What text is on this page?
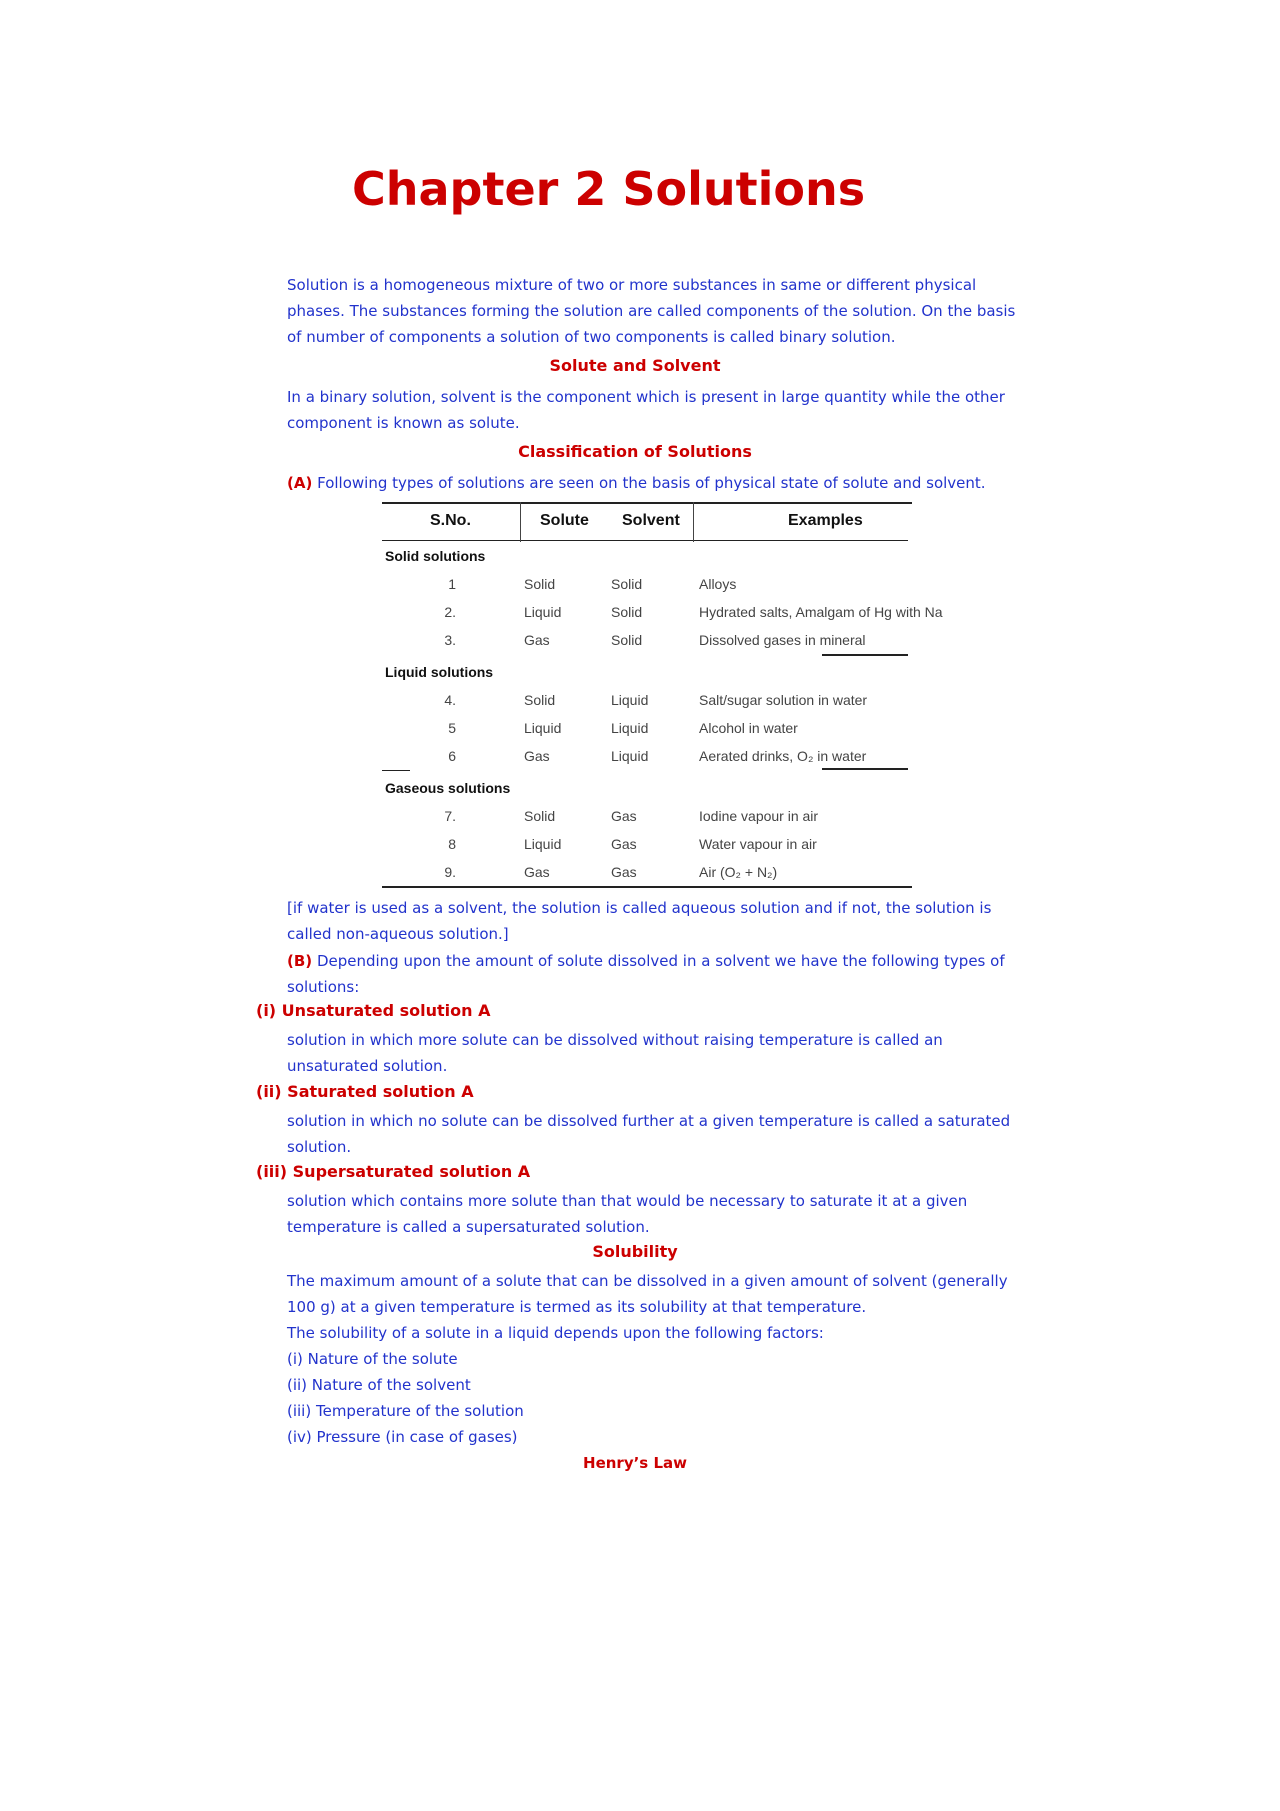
Chapter 2 Solutions

Solution is a homogeneous mixture of two or more substances in same or different physical phases. The substances forming the solution are called components of the solution. On the basis of number of components a solution of two components is called binary solution.

Solute and Solvent

In a binary solution, solvent is the component which is present in large quantity while the other component is known as solute.

Classification of Solutions

(A) Following types of solutions are seen on the basis of physical state of solute and solvent.

S.No.	Solute Solvent	Examples
Solid solutions
1	Solid	Solid	Alloys
2.	Liquid	Solid	Hydrated salts, Amalgam of Hg with Na
3.	Gas	Solid	Dissolved gases in mineral
Liquid solutions
4.	Solid	Liquid	Salt/sugar solution in water
5	Liquid	Liquid	Alcohol in water
6	Gas	Liquid	Aerated drinks, O₂ in water
Gaseous solutions
7.	Solid	Gas	Iodine vapour in air
8	Liquid	Gas	Water vapour in air
9.	Gas	Gas	Air (O₂ + N₂)

[if water is used as a solvent, the solution is called aqueous solution and if not, the solution is called non-aqueous solution.]

(B) Depending upon the amount of solute dissolved in a solvent we have the following types of solutions:

(i) Unsaturated solution A

solution in which more solute can be dissolved without raising temperature is called an unsaturated solution.

(ii) Saturated solution A

solution in which no solute can be dissolved further at a given temperature is called a saturated solution.

(iii) Supersaturated solution A

solution which contains more solute than that would be necessary to saturate it at a given temperature is called a supersaturated solution.

Solubility

The maximum amount of a solute that can be dissolved in a given amount of solvent (generally 100 g) at a given temperature is termed as its solubility at that temperature.

The solubility of a solute in a liquid depends upon the following factors:

(i) Nature of the solute
(ii) Nature of the solvent
(iii) Temperature of the solution
(iv) Pressure (in case of gases)
Henry’s Law
